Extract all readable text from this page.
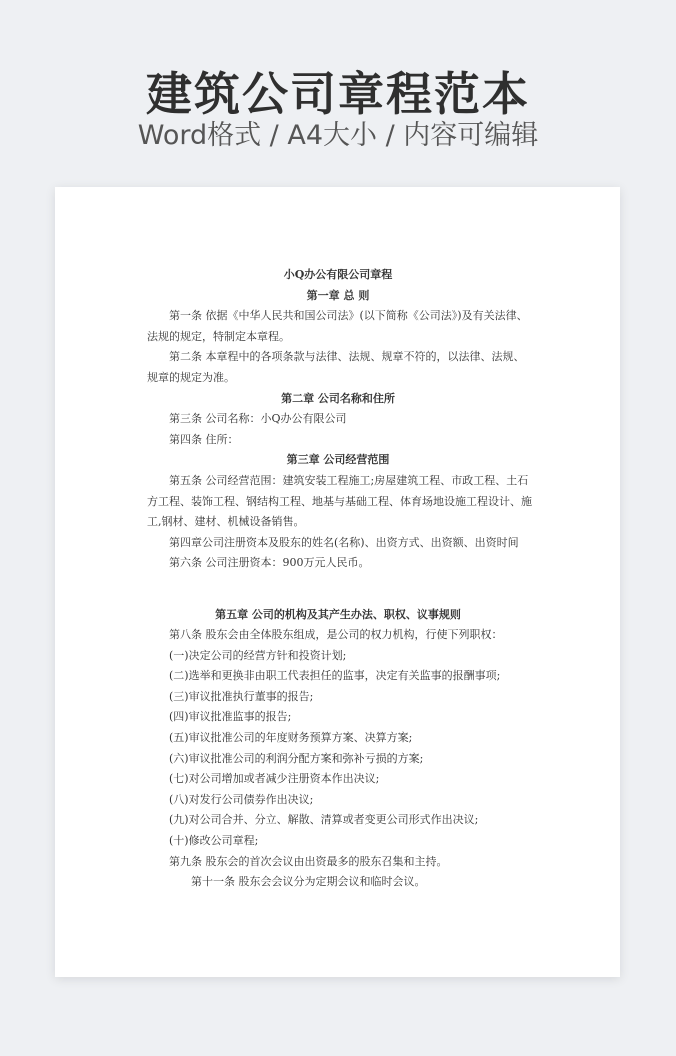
建筑公司章程范本
Word格式 / A4大小 / 内容可编辑
小Q办公有限公司章程
第一章 总 则
第一条 依据《中华人民共和国公司法》(以下简称《公司法》)及有关法律、
法规的规定，特制定本章程。
第二条 本章程中的各项条款与法律、法规、规章不符的，以法律、法规、
规章的规定为准。
第二章 公司名称和住所
第三条 公司名称：小Q办公有限公司
第四条 住所：
第三章 公司经营范围
第五条 公司经营范围：建筑安装工程施工;房屋建筑工程、市政工程、土石
方工程、装饰工程、钢结构工程、地基与基础工程、体育场地设施工程设计、施
工,钢材、建材、机械设备销售。
第四章公司注册资本及股东的姓名(名称)、出资方式、出资额、出资时间
第六条 公司注册资本：900万元人民币。
第五章 公司的机构及其产生办法、职权、议事规则
第八条 股东会由全体股东组成，是公司的权力机构，行使下列职权：
(一)决定公司的经营方针和投资计划;
(二)选举和更换非由职工代表担任的监事，决定有关监事的报酬事项;
(三)审议批准执行董事的报告;
(四)审议批准监事的报告;
(五)审议批准公司的年度财务预算方案、决算方案;
(六)审议批准公司的利润分配方案和弥补亏损的方案;
(七)对公司增加或者减少注册资本作出决议;
(八)对发行公司债券作出决议;
(九)对公司合并、分立、解散、清算或者变更公司形式作出决议;
(十)修改公司章程;
第九条 股东会的首次会议由出资最多的股东召集和主持。
第十一条 股东会会议分为定期会议和临时会议。
